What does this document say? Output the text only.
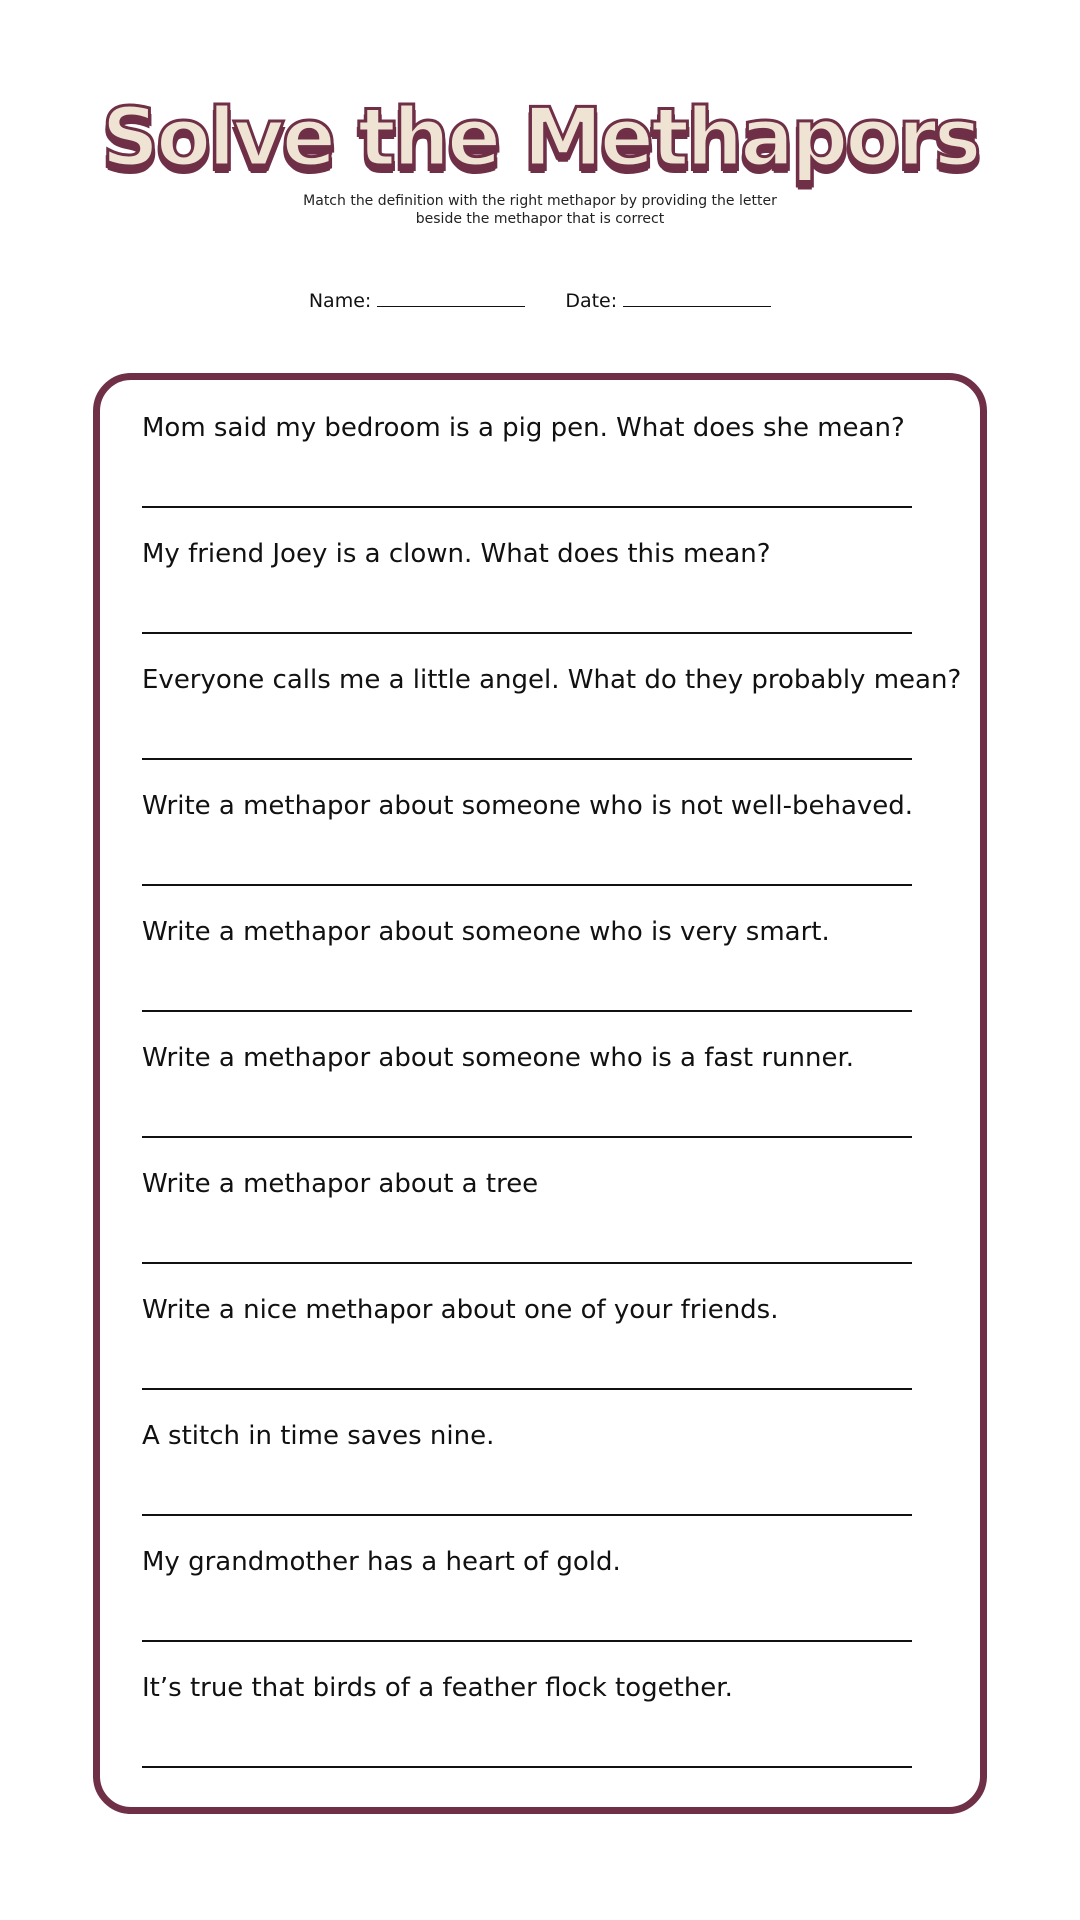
Solve the Methapors
Match the definition with the right methapor by providing the letter
beside the methapor that is correct
Name:	Date:
Mom said my bedroom is a pig pen. What does she mean?
My friend Joey is a clown. What does this mean?
Everyone calls me a little angel. What do they probably mean?
Write a methapor about someone who is not well-behaved.
Write a methapor about someone who is very smart.
Write a methapor about someone who is a fast runner.
Write a methapor about a tree
Write a nice methapor about one of your friends.
A stitch in time saves nine.
My grandmother has a heart of gold.
It’s true that birds of a feather flock together.
